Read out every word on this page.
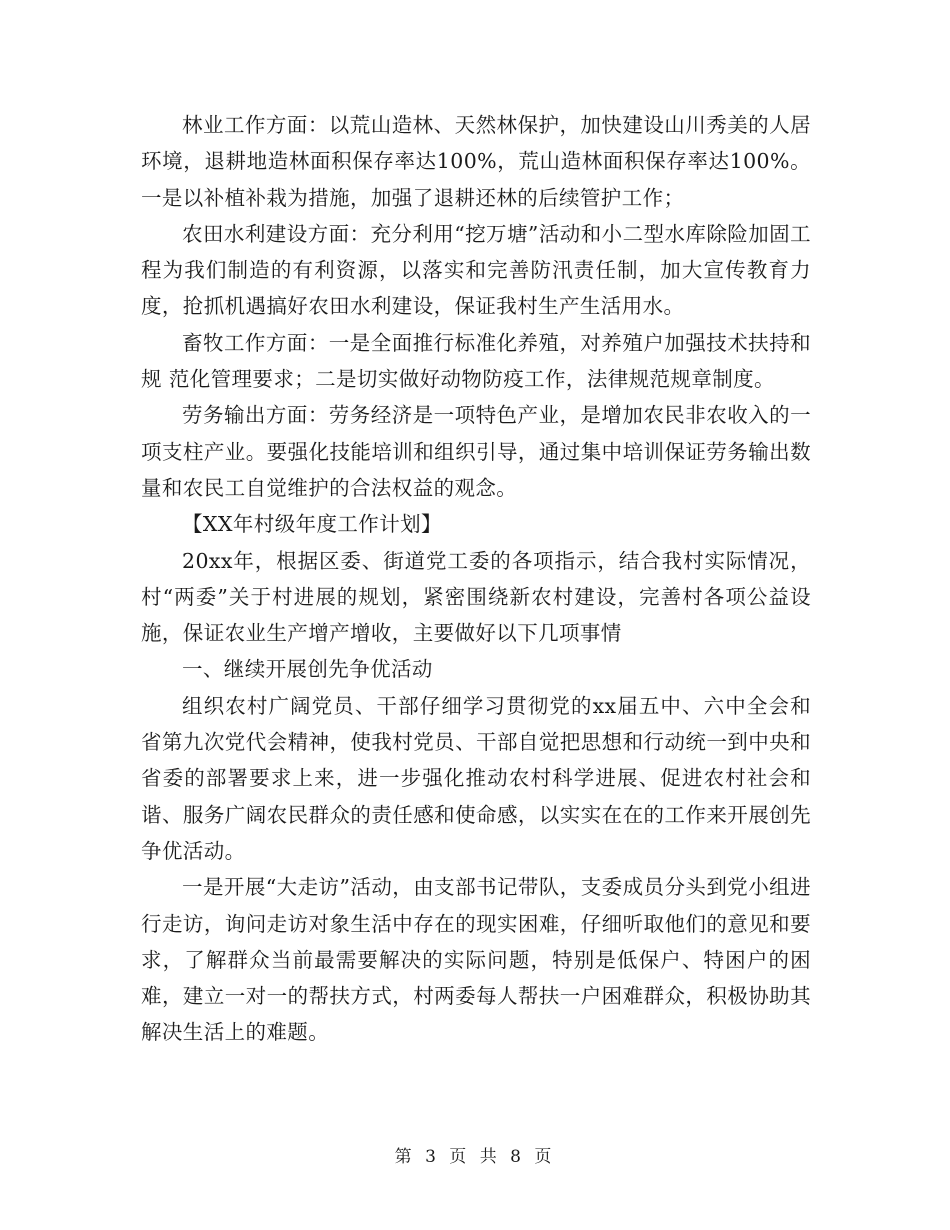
林业工作方面：以荒山造林、天然林保护，加快建设山川秀美的人居环境，退耕地造林面积保存率达100%，荒山造林面积保存率达100%。一是以补植补栽为措施，加强了退耕还林的后续管护工作；

农田水利建设方面：充分利用“挖万塘”活动和小二型水库除险加固工程为我们制造的有利资源，以落实和完善防汛责任制，加大宣传教育力度，抢抓机遇搞好农田水利建设，保证我村生产生活用水。

畜牧工作方面：一是全面推行标准化养殖，对养殖户加强技术扶持和规 范化管理要求；二是切实做好动物防疫工作，法律规范规章制度。

劳务输出方面：劳务经济是一项特色产业，是增加农民非农收入的一项支柱产业。要强化技能培训和组织引导，通过集中培训保证劳务输出数量和农民工自觉维护的合法权益的观念。

【XX年村级年度工作计划】

20xx年，根据区委、街道党工委的各项指示，结合我村实际情况，村“两委”关于村进展的规划，紧密围绕新农村建设，完善村各项公益设施，保证农业生产增产增收，主要做好以下几项事情

一、继续开展创先争优活动

组织农村广阔党员、干部仔细学习贯彻党的xx届五中、六中全会和省第九次党代会精神，使我村党员、干部自觉把思想和行动统一到中央和省委的部署要求上来，进一步强化推动农村科学进展、促进农村社会和谐、服务广阔农民群众的责任感和使命感，以实实在在的工作来开展创先争优活动。

一是开展“大走访”活动，由支部书记带队，支委成员分头到党小组进行走访，询问走访对象生活中存在的现实困难，仔细听取他们的意见和要求，了解群众当前最需要解决的实际问题，特别是低保户、特困户的困难，建立一对一的帮扶方式，村两委每人帮扶一户困难群众，积极协助其解决生活上的难题。

第 3 页 共 8 页
